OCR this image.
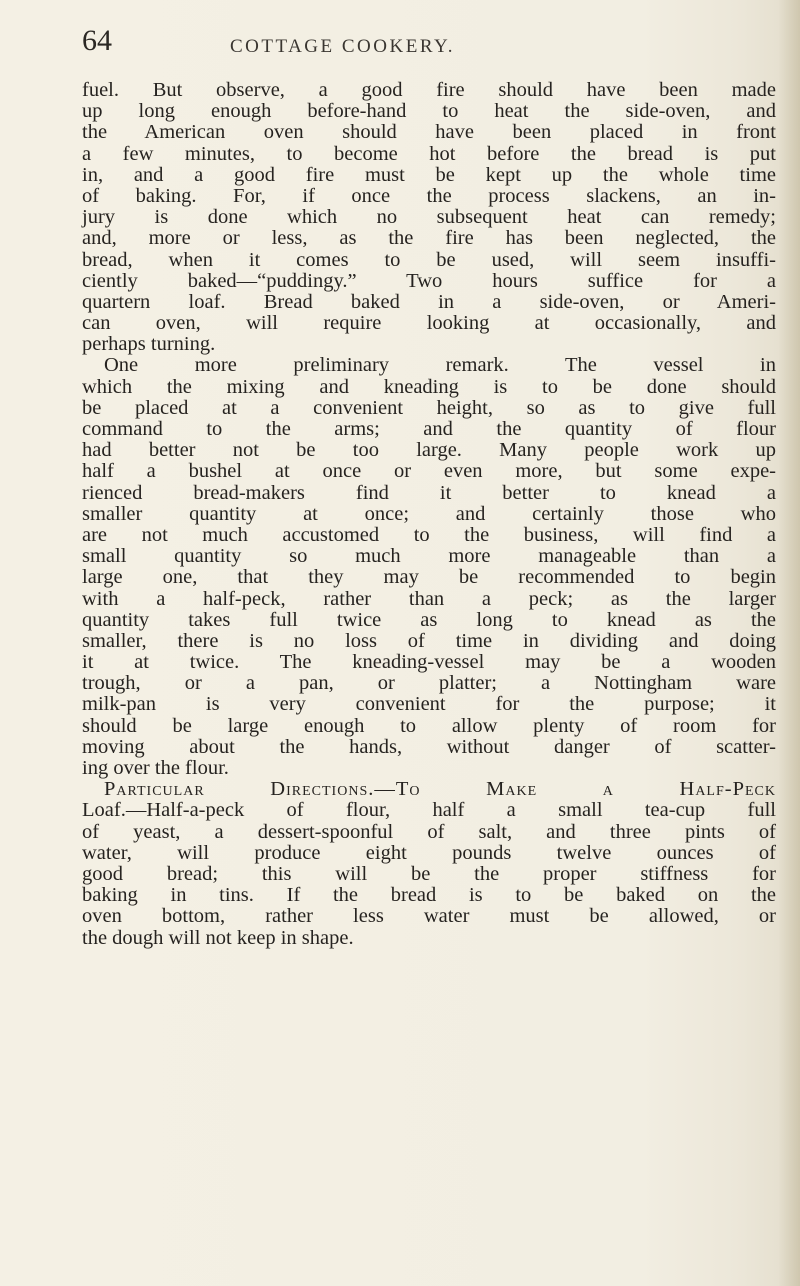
64	COTTAGE COOKERY.
fuel. But observe, a good fire should have been made
up long enough before-hand to heat the side-oven, and
the American oven should have been placed in front
a few minutes, to become hot before the bread is put
in, and a good fire must be kept up the whole time
of baking. For, if once the process slackens, an in-
jury is done which no subsequent heat can remedy;
and, more or less, as the fire has been neglected, the
bread, when it comes to be used, will seem insuffi-
ciently baked—“puddingy.” Two hours suffice for a
quartern loaf. Bread baked in a side-oven, or Ameri-
can oven, will require looking at occasionally, and
perhaps turning.
One more preliminary remark. The vessel in
which the mixing and kneading is to be done should
be placed at a convenient height, so as to give full
command to the arms; and the quantity of flour
had better not be too large. Many people work up
half a bushel at once or even more, but some expe-
rienced bread-makers find it better to knead a
smaller quantity at once; and certainly those who
are not much accustomed to the business, will find a
small quantity so much more manageable than a
large one, that they may be recommended to begin
with a half-peck, rather than a peck; as the larger
quantity takes full twice as long to knead as the
smaller, there is no loss of time in dividing and doing
it at twice. The kneading-vessel may be a wooden
trough, or a pan, or platter; a Nottingham ware
milk-pan is very convenient for the purpose; it
should be large enough to allow plenty of room for
moving about the hands, without danger of scatter-
ing over the flour.
Particular Directions.—To Make a Half-Peck
Loaf.—Half-a-peck of flour, half a small tea-cup full
of yeast, a dessert-spoonful of salt, and three pints of
water, will produce eight pounds twelve ounces of
good bread; this will be the proper stiffness for
baking in tins. If the bread is to be baked on the
oven bottom, rather less water must be allowed, or
the dough will not keep in shape.
